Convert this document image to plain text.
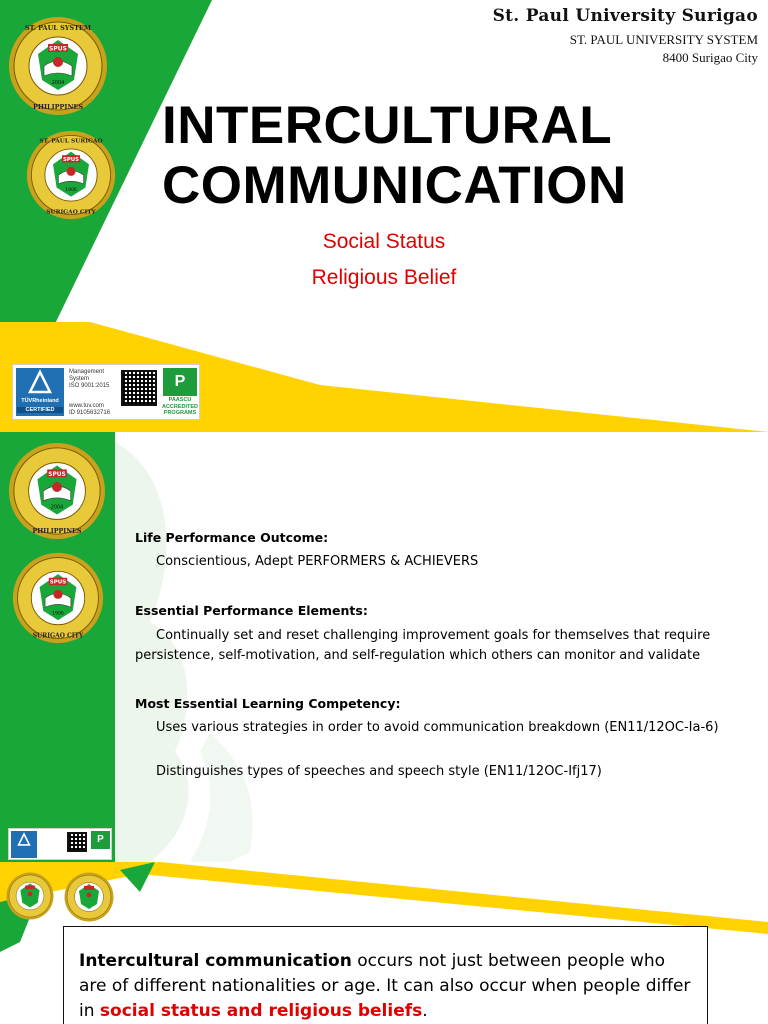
SPUS
2004
ST. PAUL SYSTEM
PHILIPPINES
SPUS
1906
ST. PAUL SURIGAO
SURIGAO CITY
St. Paul University Surigao
ST. PAUL UNIVERSITY SYSTEM
8400 Surigao City
INTERCULTURAL
COMMUNICATION
Social Status
Religious Belief
TÜVRheinland
CERTIFIED
Management
System
ISO 9001:2015
www.tuv.com
ID 9105632716
P
PAASCU
ACCREDITED
PROGRAMS
SPUS
2004
PHILIPPINES
SPUS
1906
SURIGAO CITY
P
Life Performance Outcome:
Conscientious, Adept PERFORMERS & ACHIEVERS
Essential Performance Elements:
Continually set and reset challenging improvement goals for themselves that require persistence, self-motivation, and self-regulation which others can monitor and validate
Most Essential Learning Competency:
Uses various strategies in order to avoid communication breakdown (EN11/12OC-Ia-6)
Distinguishes types of speeches and speech style (EN11/12OC-Ifj17)
Intercultural communication occurs not just between people who are of different nationalities or age. It can also occur when people differ in social status and religious beliefs.
